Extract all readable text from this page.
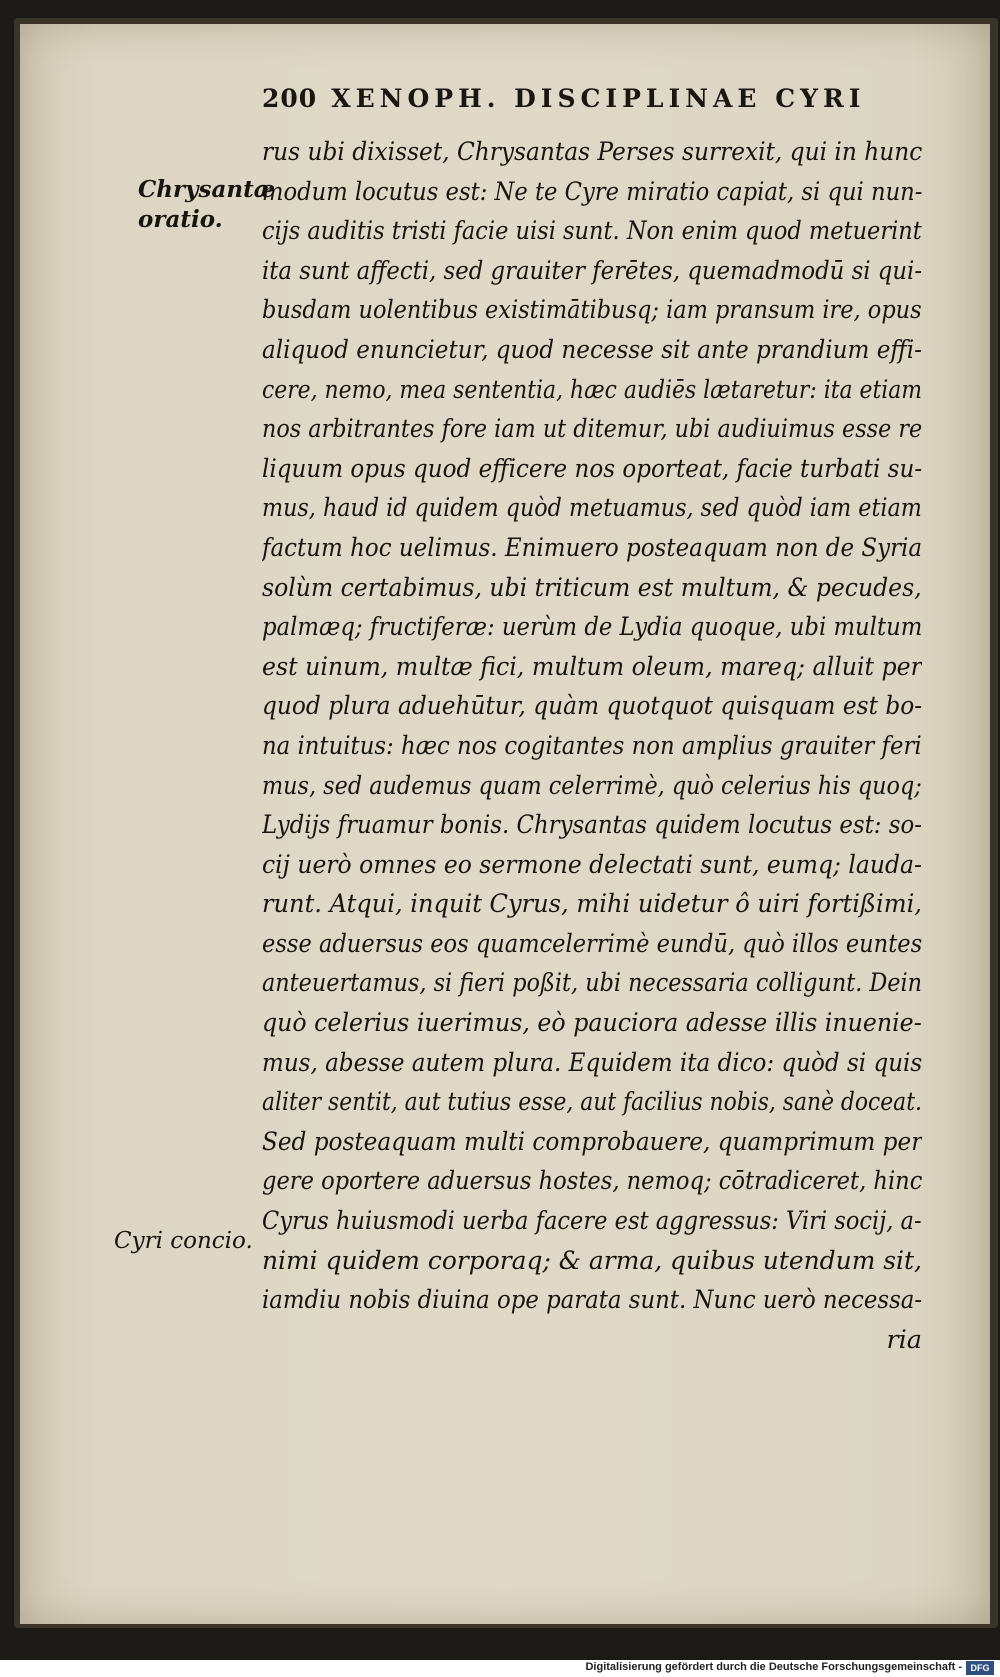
200 XENOPH. DISCIPLINAE CYRI
Chrysantæ oratio.
Cyri concio.
rus ubi dixisset, Chrysantas Perses surrexit, qui in hunc
modum locutus est: Ne te Cyre miratio capiat, si qui nun-
cijs auditis tristi facie uisi sunt. Non enim quod metuerint
ita sunt affecti, sed grauiter ferētes, quemadmodū si qui-
busdam uolentibus existimātibusq; iam pransum ire, opus
aliquod enuncietur, quod necesse sit ante prandium effi-
cere, nemo, mea sententia, hæc audiēs lætaretur: ita etiam
nos arbitrantes fore iam ut ditemur, ubi audiuimus esse re
liquum opus quod efficere nos oporteat, facie turbati su-
mus, haud id quidem quòd metuamus, sed quòd iam etiam
factum hoc uelimus. Enimuero posteaquam non de Syria
solùm certabimus, ubi triticum est multum, & pecudes,
palmæq; fructiferæ: uerùm de Lydia quoque, ubi multum
est uinum, multæ fici, multum oleum, mareq; alluit per
quod plura aduehūtur, quàm quotquot quisquam est bo-
na intuitus: hæc nos cogitantes non amplius grauiter feri
mus, sed audemus quam celerrimè, quò celerius his quoq;
Lydijs fruamur bonis. Chrysantas quidem locutus est: so-
cij uerò omnes eo sermone delectati sunt, eumq; lauda-
runt. Atqui, inquit Cyrus, mihi uidetur ô uiri fortißimi,
esse aduersus eos quamcelerrimè eundū, quò illos euntes
anteuertamus, si fieri poßit, ubi necessaria colligunt. Dein
quò celerius iuerimus, eò pauciora adesse illis inuenie-
mus, abesse autem plura. Equidem ita dico: quòd si quis
aliter sentit, aut tutius esse, aut facilius nobis, sanè doceat.
Sed posteaquam multi comprobauere, quamprimum per
gere oportere aduersus hostes, nemoq; cōtradiceret, hinc
Cyrus huiusmodi uerba facere est aggressus: Viri socij, a-
nimi quidem corporaq; & arma, quibus utendum sit,
iamdiu nobis diuina ope parata sunt. Nunc uerò necessa-
ria
Digitalisierung gefördert durch die Deutsche Forschungsgemeinschaft - DFG
